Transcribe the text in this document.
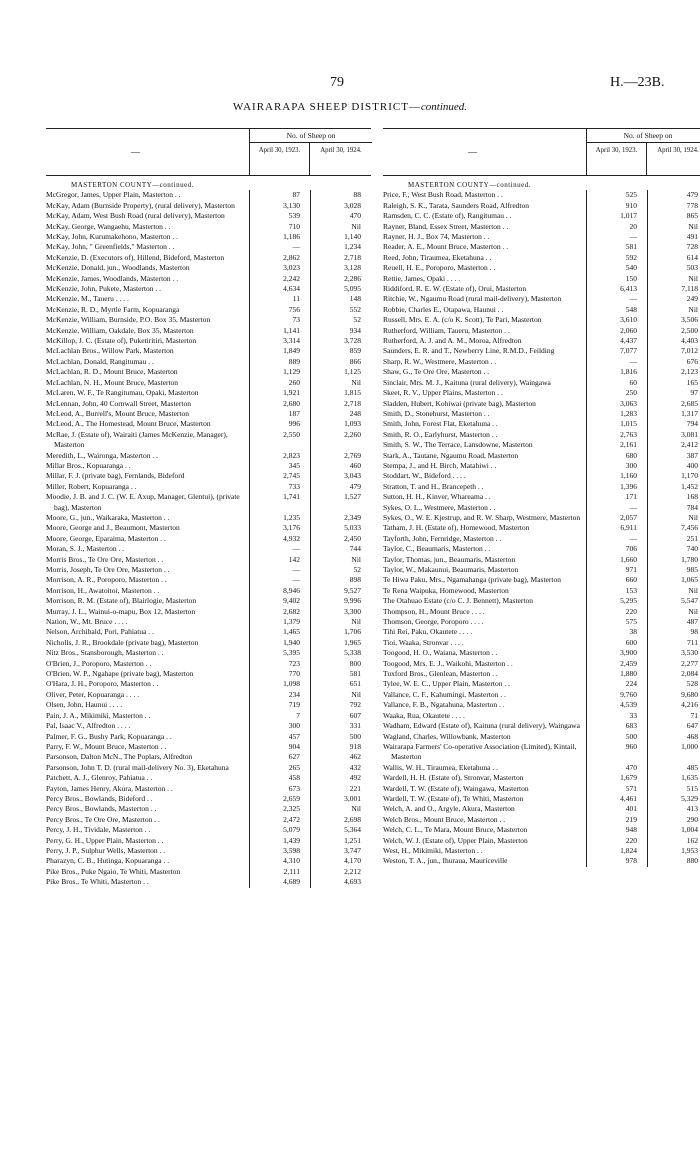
79	H.—23B.
WAIRARAPA SHEEP DISTRICT—continued.
—
No. of Sheep on
April 30, 1923.	April 30, 1924.
MASTERTON COUNTY—continued.
McGregor, James, Upper Plain, Masterton . .	87	88
McKay, Adam (Burnside Property), (rural delivery), Masterton	3,130	3,028
McKay, Adam, West Bush Road (rural delivery), Masterton	539	470
McKay, George, Wangaehu, Masterton . .	710	Nil
McKay, John, Kurumakehono, Masterton . .	1,186	1,140
McKay, John, " Greenfields," Masterton . .	—	1,234
McKenzie, D. (Executors of), Hillend, Bideford, Masterton	2,862	2,718
McKenzie, Donald, jun., Woodlands, Masterton	3,023	3,128
McKenzie, James, Woodlands, Masterton . .	2,242	2,286
McKenzie, John, Pukete, Masterton . .	4,634	5,095
McKenzie, M., Taueru . . . .	11	148
McKenzie, R. D., Myrtle Farm, Kopuaranga	756	552
McKenzie, William, Burnside, P.O. Box 35, Masterton	73	52
McKenzie, William, Oakdale, Box 35, Masterton	1,141	934
McKillop, J. C. (Estate of), Puketiritiri, Masterton	3,314	3,728
McLachlan Bros., Willow Park, Masterton	1,849	859
McLachlan, Donald, Rangitumau . .	889	866
McLachlan, R. D., Mount Bruce, Masterton	1,129	1,125
McLachlan, N. H., Mount Bruce, Masterton	260	Nil
McLaren, W. F., Te Rangitumau, Opaki, Masterton	1,921	1,815
McLennan, John, 40 Cornwall Street, Masterton	2,680	2,718
McLeod, A., Burrell's, Mount Bruce, Masterton	187	248
McLeod, A., The Homestead, Mount Bruce, Masterton	996	1,093
McRae, J. (Estate of), Wairaiti (James McKenzie, Manager), Masterton
2,550	2,260
Meredith, L., Waironga, Masterton . .	2,823	2,769
Millar Bros., Kopuaranga . .	345	460
Millar, F. J. (private bag), Fernlands, Bideford	2,745	3,043
Miller, Robert, Kopuaranga . .	733	479
Moodie, J. B. and J. C. (W. E. Axup, Manager, Glentui), (private bag), Masterton
1,741	1,527
Moore, G., jun., Waikaraka, Masterton . .	1,235	2,349
Moore, George and J., Beaumont, Masterton	3,176	5,033
Moore, George, Eparaima, Masterton . .	4,932	2,450
Moran, S. J., Masterton . .	—	744
Morris Bros., Te Ore Ore, Masterton . .	142	Nil
Morris, Joseph, Te Ore Ore, Masterton . .	—	52
Morrison, A. R., Poroporo, Masterton . .	—	898
Morrison, H., Awatoitoi, Masterton . .	8,946	9,527
Morrison, R. M. (Estate of), Blairlogie, Masterton	9,402	9,996
Murray, J. L., Wainui-o-mapu, Box 12, Masterton	2,682	3,300
Nation, W., Mt. Bruce . . . .	1,379	Nil
Nelson, Archibald, Pori, Pahiatua . .	1,465	1,706
Nicholls, J. R., Brookdale (private bag), Masterton	1,940	1,965
Nitz Bros., Stansborough, Masterton . .	5,395	5,338
O'Brien, J., Poroporo, Masterton . .	723	800
O'Brien, W. P., Ngahape (private bag), Masterton	770	581
O'Hara, J. H., Poroporo, Masterton . .	1,098	651
Oliver, Peter, Kopuaranga . . . .	234	Nil
Olsen, John, Haunui . . . .	719	792
Pain, J. A., Mikimiki, Masterton . .	7	607
Pal, Isaac V., Alfredton . . . .	300	331
Palmer, F. G., Bushy Park, Kopuaranga . .	457	500
Parry, F. W., Mount Bruce, Masterton . .	904	918
Parsonson, Dalton McN., The Poplars, Alfredton	627	462
Parsonson, John T. D. (rural mail-delivery No. 3), Eketahuna	265	432
Patchett, A. J., Glenroy, Pahiatua . .	458	492
Payton, James Henry, Akura, Masterton . .	673	221
Percy Bros., Bowlands, Bideford . .	2,659	3,001
Percy Bros., Bowlands, Masterton . .	2,325	Nil
Percy Bros., Te Ore Ore, Masterton . .	2,472	2,698
Percy, J. H., Tividale, Masterton . .	5,079	5,364
Perry, G. H., Upper Plain, Masterton . .	1,439	1,251
Perry, J. P., Sulphur Wells, Masterton . .	3,598	3,747
Pharazyn, C. B., Hutinga, Kopuaranga . .	4,310	4,170
Pike Bros., Puke Ngaio, Te Whiti, Masterton	2,111	2,212
Pike Bros., Te Whiti, Masterton . .	4,689	4,693
—
No. of Sheep on
April 30, 1923.	April 30, 1924.
MASTERTON COUNTY—continued.
Price, F., West Bush Road, Masterton . .	525	479
Raleigh, S. K., Tarata, Saunders Road, Alfredton	910	778
Ramsden, C. C. (Estate of), Rangitumau . .	1,017	865
Rayner, Bland, Essex Street, Masterton . .	20	Nil
Rayner, H. J., Box 74, Masterton . .	—	491
Reader, A. E., Mount Bruce, Masterton . .	581	728
Reed, John, Tiraumea, Eketahuna . .	592	614
Reuell, H. E., Poroporo, Masterton . .	540	503
Rettie, James, Opaki . . . .	150	Nil
Riddiford, R. E. W. (Estate of), Orui, Masterton	6,413	7,118
Ritchie, W., Ngaumu Road (rural mail-delivery), Masterton	—	249
Robbie, Charles E., Otapawa, Haunui . .	548	Nil
Russell, Mrs. E. A. (c/o K. Scott), Te Pari, Masterton	3,610	3,506
Rutherford, William, Taueru, Masterton . .	2,060	2,500
Rutherford, A. J. and A. M., Moroa, Alfredton	4,437	4,403
Saunders, E. R. and T., Newberry Line, R.M.D., Feilding	7,077	7,012
Sharp, R. W., Westmere, Masterton . .	—	676
Shaw, G., Te Ore Ore, Masterton . .	1,816	2,123
Sinclair, Mrs. M. J., Kaituna (rural delivery), Waingawa	60	165
Skeet, R. V., Upper Plains, Masterton . .	250	97
Sladden, Hubert, Kohiwai (private bag), Masterton	3,063	2,685
Smith, D., Stonehurst, Masterton . .	1,283	1,317
Smith, John, Forest Flat, Eketahuna . .	1,015	794
Smith, R. O., Earlyhurst, Masterton . .	2,763	3,081
Smith, S. W., The Terrace, Lansdowne, Masterton	2,161	2,412
Stark, A., Tautane, Ngaumu Road, Masterton	680	387
Stempa, J., and H. Birch, Matahiwi . .	300	400
Stoddart, W., Bideford . . . .	1,160	1,170
Stratton, T. and H., Brancepeth . .	1,396	1,452
Sutton, H. H., Kinver, Whareama . .	171	168
Sykes, O. L., Westmere, Masterton . .	—	784
Sykes, O., W. E. Kjestrup, and R. W. Sharp, Westmere, Masterton	2,057	Nil
Tatham, J. H. (Estate of), Homewood, Masterton	6,911	7,456
Tayforth, John, Fernridge, Masterton . .	—	251
Taylor, C., Beaumaris, Masterton . .	706	740
Taylor, Thomas, jun., Beaumaris, Masterton	1,660	1,780
Taylor, W., Makaunui, Beaumaris, Masterton	971	985
Te Hiwa Paku, Mrs., Ngamahanga (private bag), Masterton	660	1,065
Te Rena Waipuka, Homewood, Masterton	153	Nil
The Otahuao Estate (c/o C. J. Bennett), Masterton	5,295	5,547
Thompson, H., Mount Bruce . . . .	220	Nil
Thomson, George, Poroporo . . . .	575	487
Tihi Rei, Paku, Okautete . . . .	38	98
Tioi, Waaka, Stronvar . . . .	600	711
Toogood, H. O., Waiana, Masterton . .	3,900	3,530
Toogood, Mrs. E. J., Waikohi, Masterton . .	2,459	2,277
Tuxford Bros., Glenlean, Masterton . .	1,880	2,084
Tylee, W. E. C., Upper Plain, Masterton . .	224	528
Vallance, C. F., Kahumingi, Masterton . .	9,760	9,680
Vallance, F. B., Ngatahuna, Masterton . .	4,539	4,216
Waaka, Rua, Okautete . . . .	33	71
Wadham, Edward (Estate of), Kaituna (rural delivery), Waingawa	683	647
Wagland, Charles, Willowbank, Masterton	500	468
Wairarapa Farmers' Co-operative Association (Limited), Kintail, Masterton
960	1,000
Wallis, W. H., Tiraumea, Eketahuna . .	470	485
Wardell, H. H. (Estate of), Stronvar, Masterton	1,679	1,635
Wardell, T. W. (Estate of), Waingawa, Masterton	571	515
Wardell, T. W. (Estate of), Te Whiti, Masterton	4,461	5,329
Welch, A. and O., Argyle, Akura, Masterton	401	413
Welch Bros., Mount Bruce, Masterton . .	219	290
Welch, C. L., Te Mara, Mount Bruce, Masterton	948	1,004
Welch, W. J. (Estate of), Upper Plain, Masterton	220	162
West, H., Mikimiki, Masterton . .	1,824	1,953
Weston, T. A., jun., Ihuraua, Mauriceville	978	880
